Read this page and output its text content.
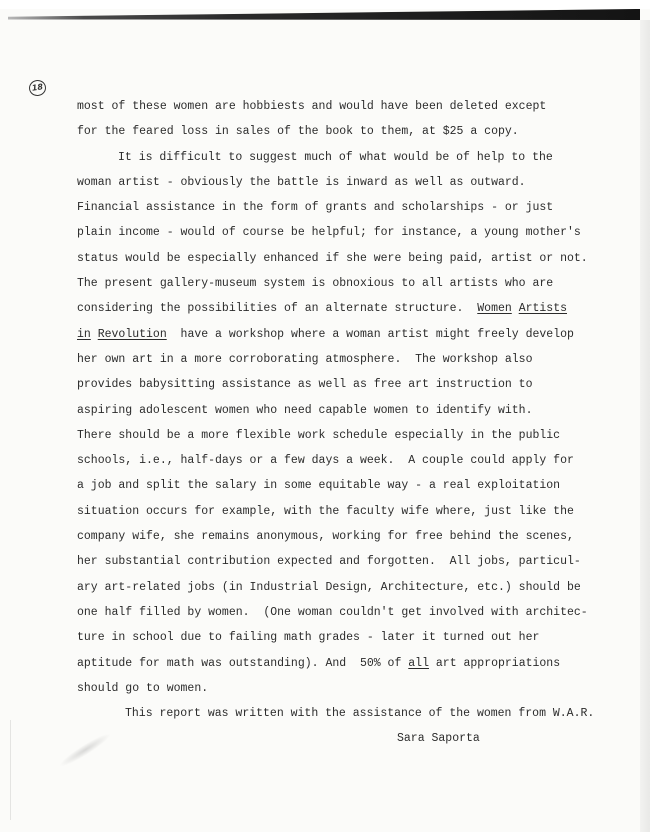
18
most of these women are hobbiests and would have been deleted except
for the feared loss in sales of the book to them, at $25 a copy.
It is difficult to suggest much of what would be of help to the
woman artist - obviously the battle is inward as well as outward.
Financial assistance in the form of grants and scholarships - or just
plain income - would of course be helpful; for instance, a young mother's
status would be especially enhanced if she were being paid, artist or not.
The present gallery-museum system is obnoxious to all artists who are
considering the possibilities of an alternate structure.  Women Artists
in Revolution  have a workshop where a woman artist might freely develop
her own art in a more corroborating atmosphere.  The workshop also
provides babysitting assistance as well as free art instruction to
aspiring adolescent women who need capable women to identify with.
There should be a more flexible work schedule especially in the public
schools, i.e., half-days or a few days a week.  A couple could apply for
a job and split the salary in some equitable way - a real exploitation
situation occurs for example, with the faculty wife where, just like the
company wife, she remains anonymous, working for free behind the scenes,
her substantial contribution expected and forgotten.  All jobs, particul-
ary art-related jobs (in Industrial Design, Architecture, etc.) should be
one half filled by women.  (One woman couldn't get involved with architec-
ture in school due to failing math grades - later it turned out her
aptitude for math was outstanding). And  50% of all art appropriations
should go to women.
This report was written with the assistance of the women from W.A.R.
Sara Saporta
